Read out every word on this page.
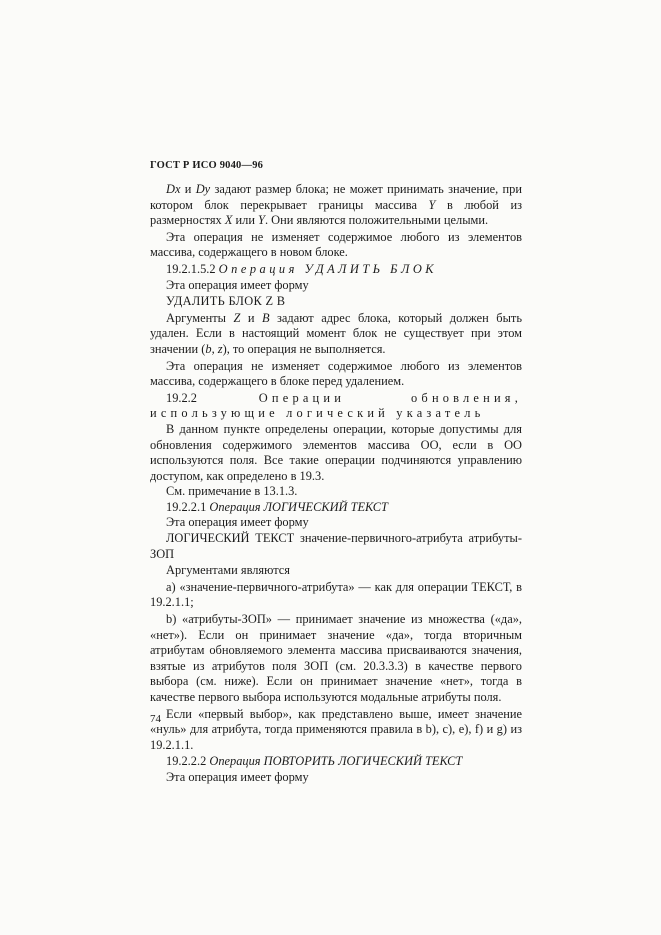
ГОСТ Р ИСО 9040—96

Dx и Dy задают размер блока; не может принимать значение, при котором блок перекрывает границы массива Y в любой из размерностях X или Y. Они являются положительными целыми.

Эта операция не изменяет содержимое любого из элементов массива, содержащего в новом блоке.

19.2.1.5.2 Операция УДАЛИТЬ БЛОК

Эта операция имеет форму

УДАЛИТЬ БЛОК Z B

Аргументы Z и B задают адрес блока, который должен быть удален. Если в настоящий момент блок не существует при этом значении (b, z), то операция не выполняется.

Эта операция не изменяет содержимое любого из элементов массива, содержащего в блоке перед удалением.

19.2.2 Операции обновления, использующие логический указатель

В данном пункте определены операции, которые допустимы для обновления содержимого элементов массива ОО, если в ОО используются поля. Все такие операции подчиняются управлению доступом, как определено в 19.3.

См. примечание в 13.1.3.

19.2.2.1 Операция ЛОГИЧЕСКИЙ ТЕКСТ

Эта операция имеет форму

ЛОГИЧЕСКИЙ ТЕКСТ значение-первичного-атрибута атрибуты-ЗОП

Аргументами являются

a) «значение-первичного-атрибута» — как для операции ТЕКСТ, в 19.2.1.1;

b) «атрибуты-ЗОП» — принимает значение из множества («да», «нет»). Если он принимает значение «да», тогда вторичным атрибутам обновляемого элемента массива присваиваются значения, взятые из атрибутов поля ЗОП (см. 20.3.3.3) в качестве первого выбора (см. ниже). Если он принимает значение «нет», тогда в качестве первого выбора используются модальные атрибуты поля.

Если «первый выбор», как представлено выше, имеет значение «нуль» для атрибута, тогда применяются правила в b), c), e), f) и g) из 19.2.1.1.

19.2.2.2 Операция ПОВТОРИТЬ ЛОГИЧЕСКИЙ ТЕКСТ

Эта операция имеет форму

74
